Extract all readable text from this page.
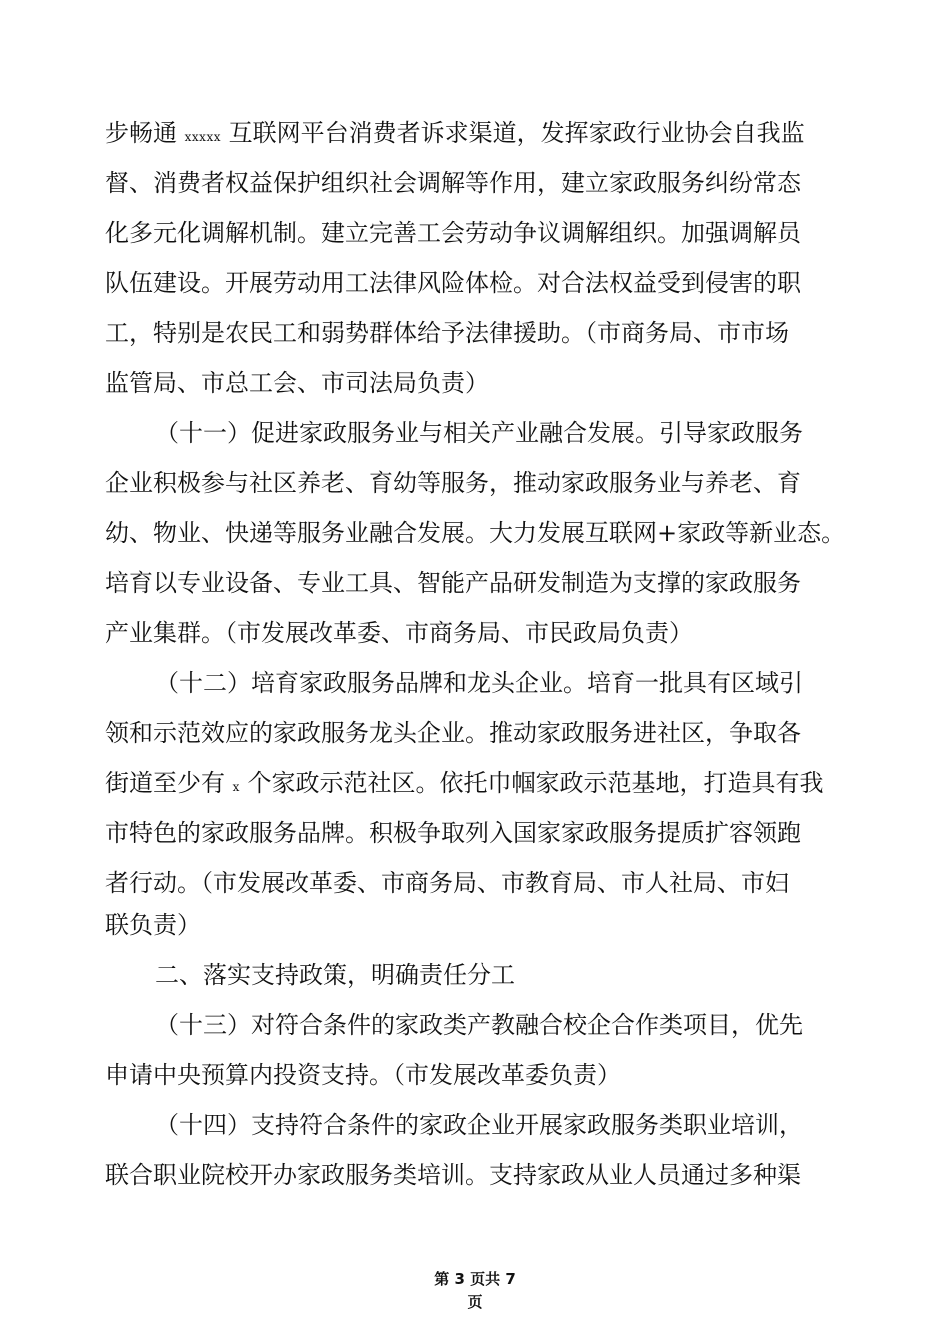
步畅通 xxxxx 互联网平台消费者诉求渠道，发挥家政行业协会自我监
督、消费者权益保护组织社会调解等作用，建立家政服务纠纷常态
化多元化调解机制。建立完善工会劳动争议调解组织。加强调解员
队伍建设。开展劳动用工法律风险体检。对合法权益受到侵害的职
工，特别是农民工和弱势群体给予法律援助。（市商务局、市市场
监管局、市总工会、市司法局负责）
（十一）促进家政服务业与相关产业融合发展。引导家政服务
企业积极参与社区养老、育幼等服务，推动家政服务业与养老、育
幼、物业、快递等服务业融合发展。大力发展互联网+家政等新业态。
培育以专业设备、专业工具、智能产品研发制造为支撑的家政服务
产业集群。（市发展改革委、市商务局、市民政局负责）
（十二）培育家政服务品牌和龙头企业。培育一批具有区域引
领和示范效应的家政服务龙头企业。推动家政服务进社区，争取各
街道至少有 x 个家政示范社区。依托巾帼家政示范基地，打造具有我
市特色的家政服务品牌。积极争取列入国家家政服务提质扩容领跑
者行动。（市发展改革委、市商务局、市教育局、市人社局、市妇
联负责）
二、落实支持政策，明确责任分工
（十三）对符合条件的家政类产教融合校企合作类项目，优先
申请中央预算内投资支持。（市发展改革委负责）
（十四）支持符合条件的家政企业开展家政服务类职业培训，
联合职业院校开办家政服务类培训。支持家政从业人员通过多种渠
第 3 页共 7
页
